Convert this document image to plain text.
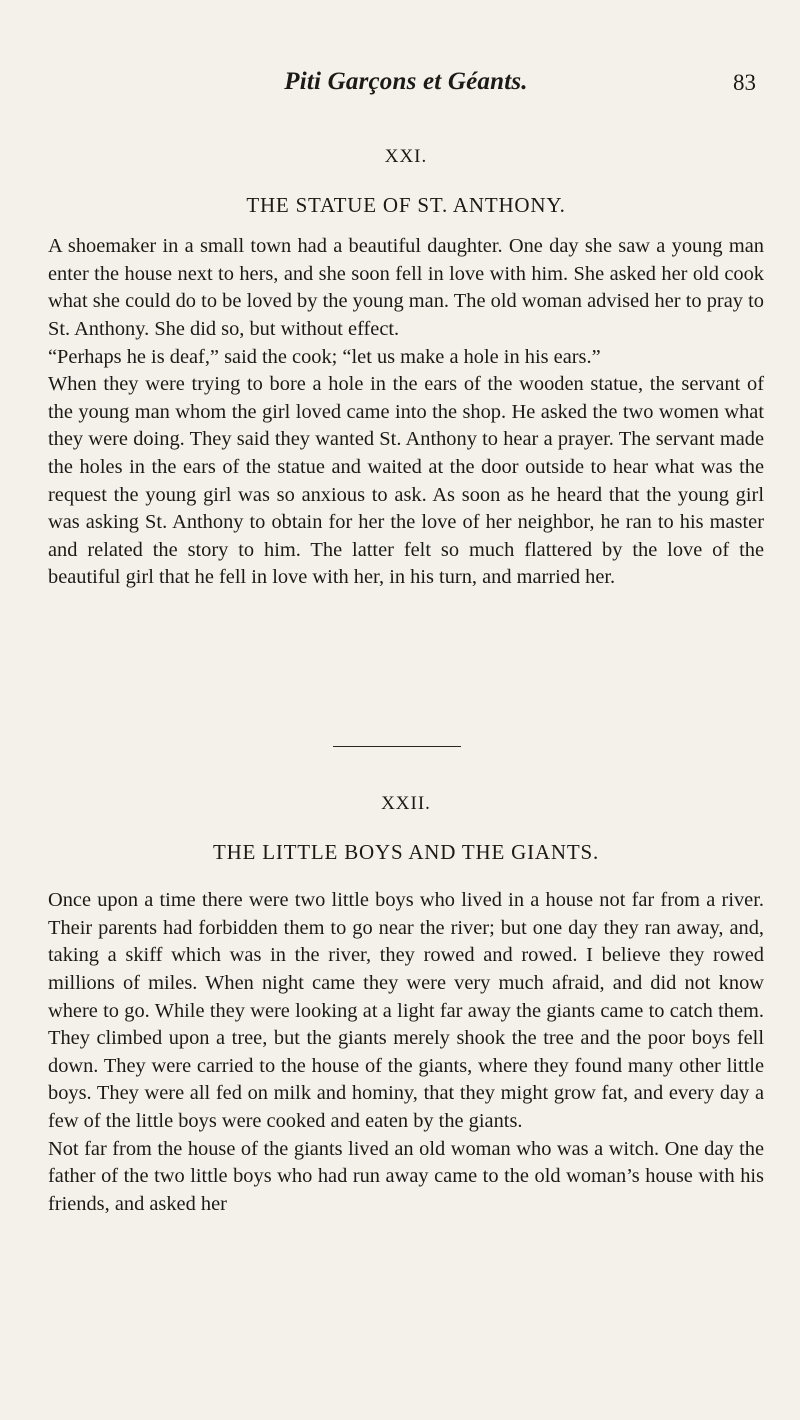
Piti Garçons et Géants.	83
XXI.
THE STATUE OF ST. ANTHONY.

A shoemaker in a small town had a beautiful daughter. One day she saw a young man enter the house next to hers, and she soon fell in love with him. She asked her old cook what she could do to be loved by the young man. The old woman advised her to pray to St. Anthony. She did so, but without effect.

“Perhaps he is deaf,” said the cook; “let us make a hole in his ears.”

When they were trying to bore a hole in the ears of the wooden statue, the servant of the young man whom the girl loved came into the shop. He asked the two women what they were doing. They said they wanted St. Anthony to hear a prayer. The servant made the holes in the ears of the statue and waited at the door outside to hear what was the request the young girl was so anxious to ask. As soon as he heard that the young girl was asking St. Anthony to obtain for her the love of her neighbor, he ran to his master and related the story to him. The latter felt so much flattered by the love of the beautiful girl that he fell in love with her, in his turn, and married her.

XXII.
THE LITTLE BOYS AND THE GIANTS.

Once upon a time there were two little boys who lived in a house not far from a river. Their parents had forbidden them to go near the river; but one day they ran away, and, taking a skiff which was in the river, they rowed and rowed. I believe they rowed millions of miles. When night came they were very much afraid, and did not know where to go. While they were looking at a light far away the giants came to catch them. They climbed upon a tree, but the giants merely shook the tree and the poor boys fell down. They were carried to the house of the giants, where they found many other little boys. They were all fed on milk and hominy, that they might grow fat, and every day a few of the little boys were cooked and eaten by the giants.

Not far from the house of the giants lived an old woman who was a witch. One day the father of the two little boys who had run away came to the old woman’s house with his friends, and asked her
